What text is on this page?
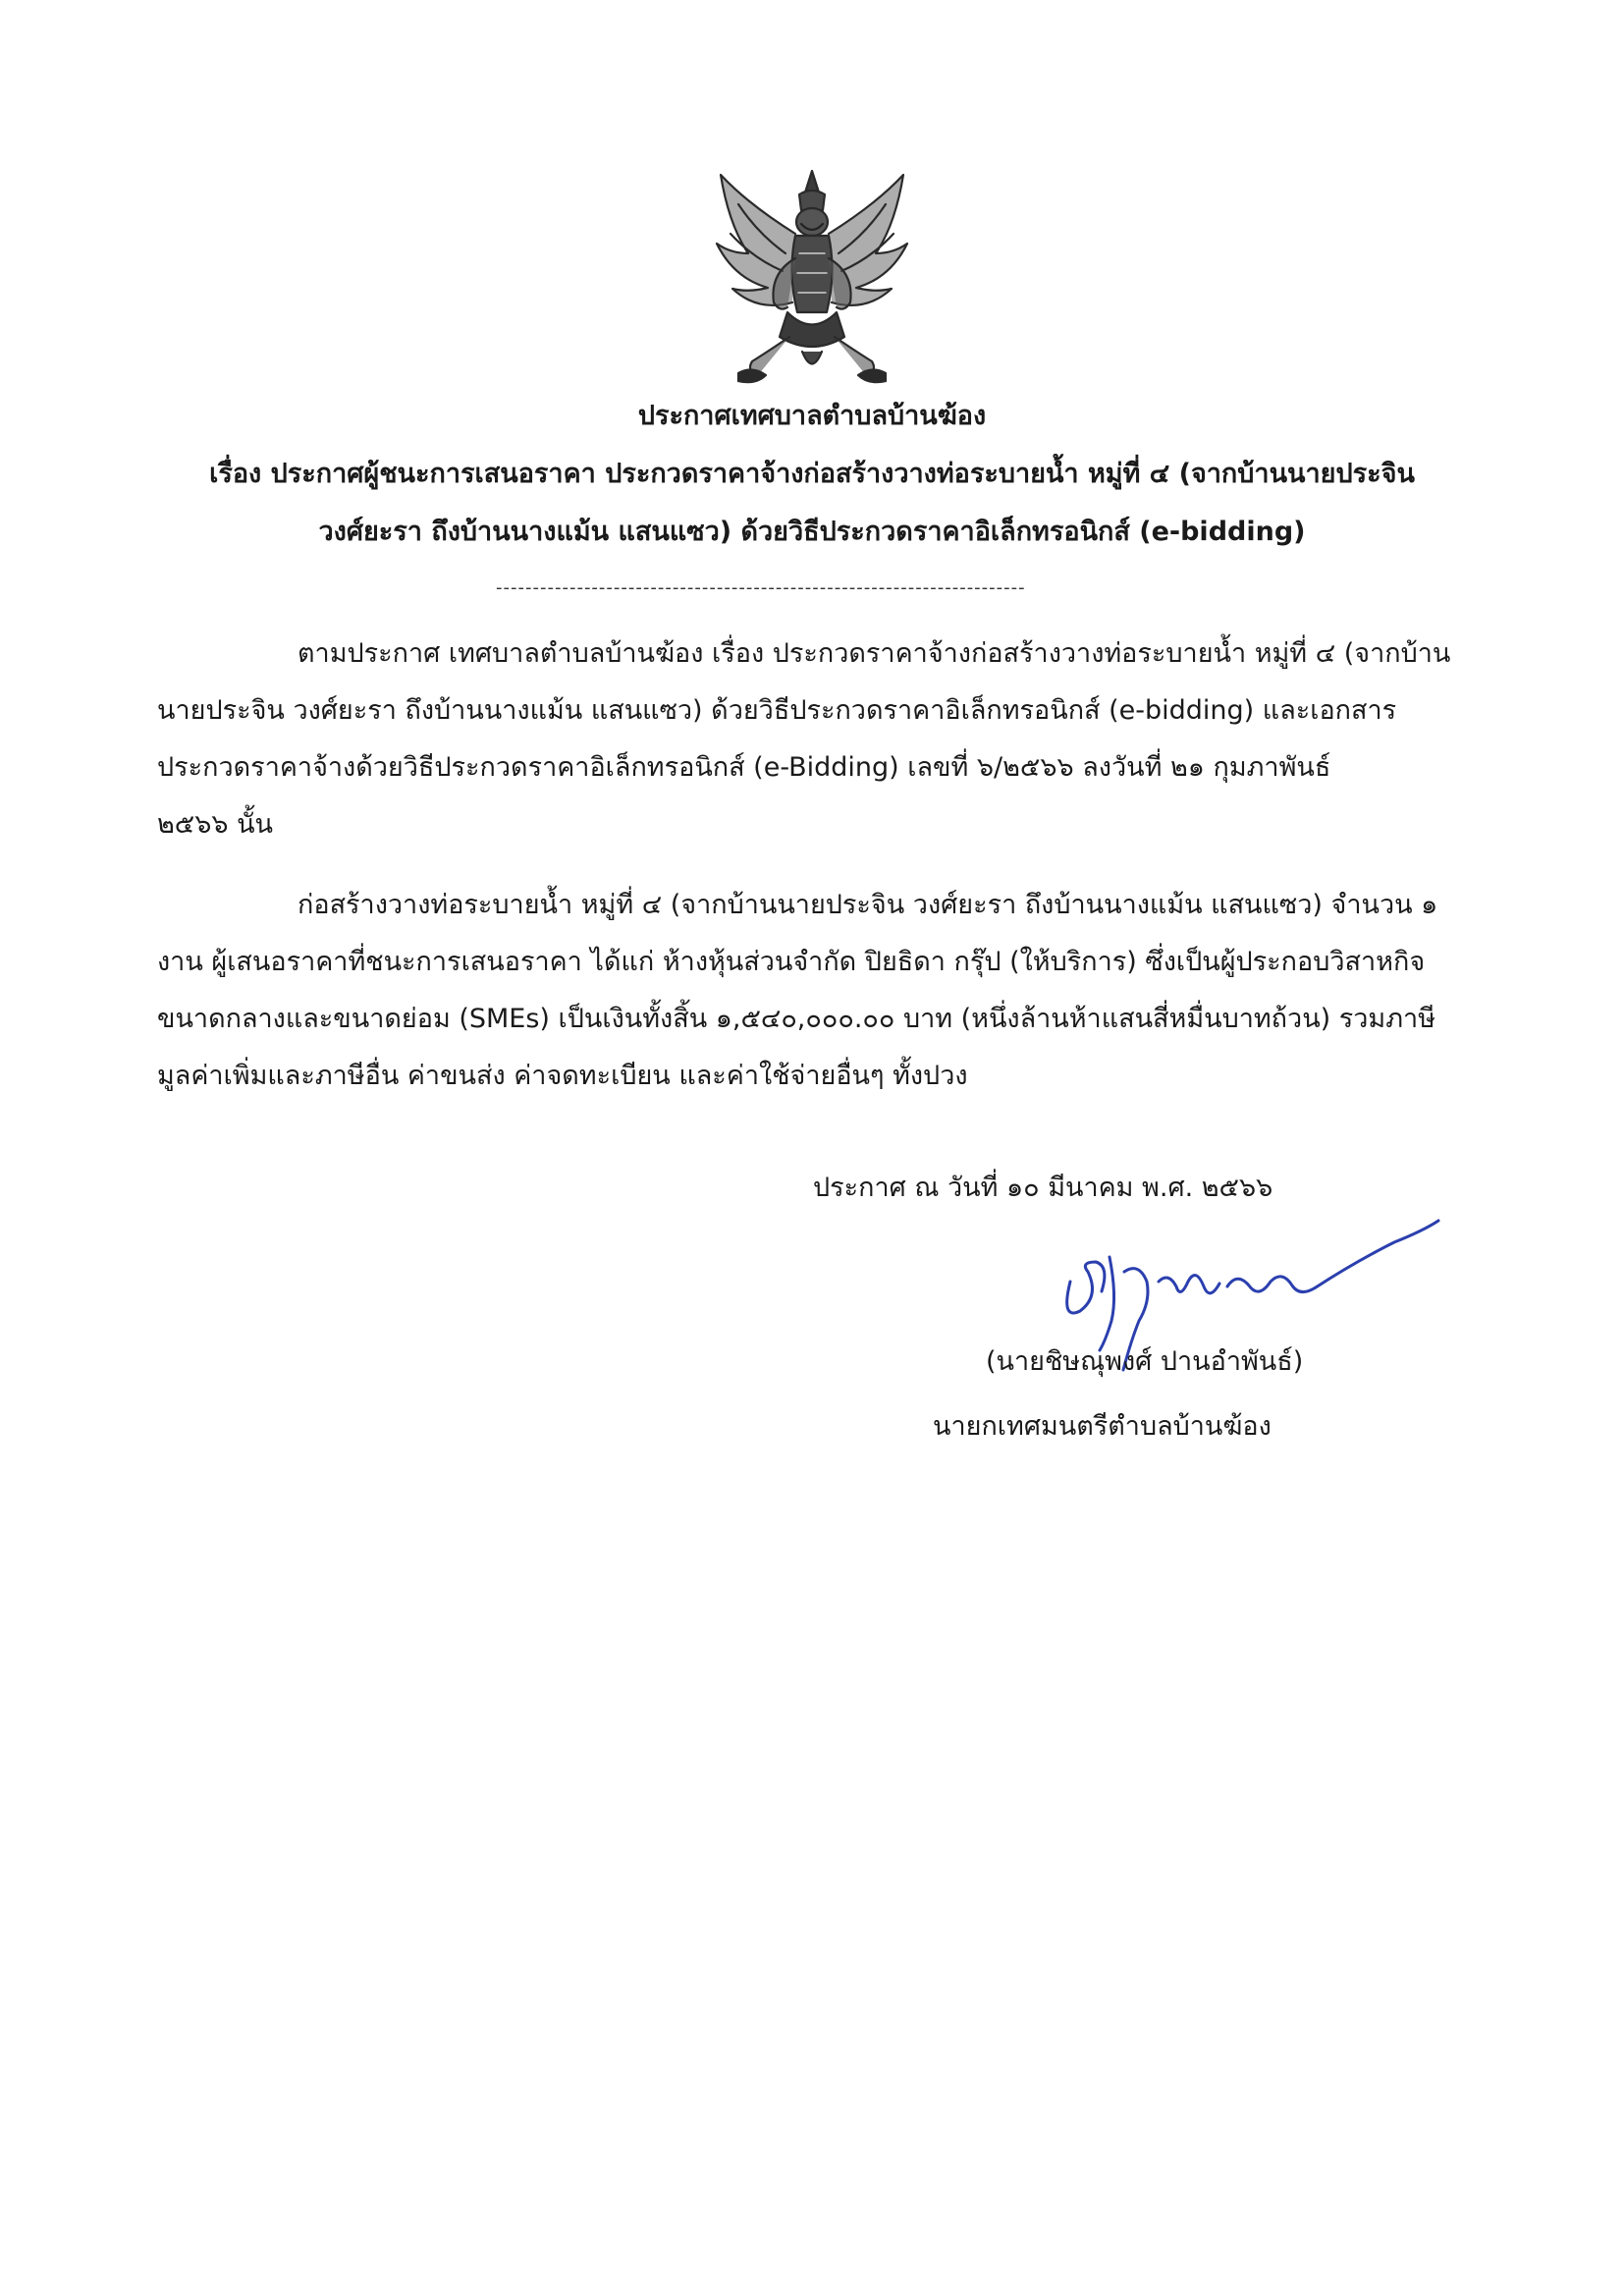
ประกาศเทศบาลตำบลบ้านฆ้อง
เรื่อง ประกาศผู้ชนะการเสนอราคา ประกวดราคาจ้างก่อสร้างวางท่อระบายน้ำ หมู่ที่ ๔ (จากบ้านนายประจิน
วงศ์ยะรา ถึงบ้านนางแม้น แสนแซว) ด้วยวิธีประกวดราคาอิเล็กทรอนิกส์ (e-bidding)
------------------------------------------------------------------------
ตามประกาศ เทศบาลตำบลบ้านฆ้อง เรื่อง ประกวดราคาจ้างก่อสร้างวางท่อระบายน้ำ หมู่ที่ ๔ (จากบ้าน
นายประจิน วงศ์ยะรา ถึงบ้านนางแม้น แสนแซว) ด้วยวิธีประกวดราคาอิเล็กทรอนิกส์ (e-bidding) และเอกสาร
ประกวดราคาจ้างด้วยวิธีประกวดราคาอิเล็กทรอนิกส์ (e-Bidding) เลขที่ ๖/๒๕๖๖ ลงวันที่ ๒๑ กุมภาพันธ์
๒๕๖๖ นั้น
ก่อสร้างวางท่อระบายน้ำ หมู่ที่ ๔ (จากบ้านนายประจิน วงศ์ยะรา ถึงบ้านนางแม้น แสนแซว) จำนวน ๑
งาน ผู้เสนอราคาที่ชนะการเสนอราคา ได้แก่ ห้างหุ้นส่วนจำกัด ปิยธิดา กรุ๊ป (ให้บริการ) ซึ่งเป็นผู้ประกอบวิสาหกิจ
ขนาดกลางและขนาดย่อม (SMEs) เป็นเงินทั้งสิ้น ๑,๕๔๐,๐๐๐.๐๐ บาท (หนึ่งล้านห้าแสนสี่หมื่นบาทถ้วน) รวมภาษี
มูลค่าเพิ่มและภาษีอื่น ค่าขนส่ง ค่าจดทะเบียน และค่าใช้จ่ายอื่นๆ ทั้งปวง
ประกาศ ณ วันที่ ๑๐ มีนาคม พ.ศ. ๒๕๖๖
(นายชิษณุพงศ์ ปานอำพันธ์)
นายกเทศมนตรีตำบลบ้านฆ้อง
